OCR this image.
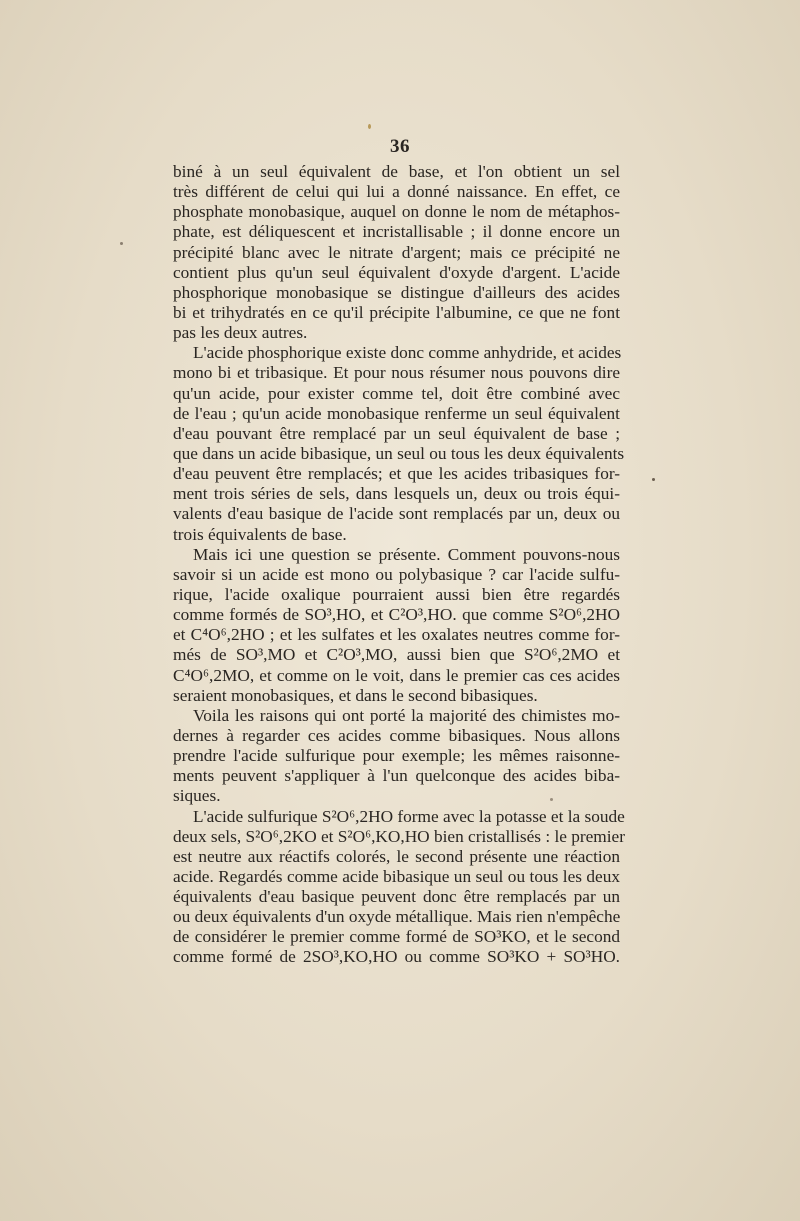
36
biné à un seul équivalent de base, et l'on obtient un sel
très différent de celui qui lui a donné naissance. En effet, ce
phosphate monobasique, auquel on donne le nom de métaphos-
phate, est déliquescent et incristallisable ; il donne encore un
précipité blanc avec le nitrate d'argent; mais ce précipité ne
contient plus qu'un seul équivalent d'oxyde d'argent. L'acide
phosphorique monobasique se distingue d'ailleurs des acides
bi et trihydratés en ce qu'il précipite l'albumine, ce que ne font
pas les deux autres.
L'acide phosphorique existe donc comme anhydride, et acides
mono bi et tribasique. Et pour nous résumer nous pouvons dire
qu'un acide, pour exister comme tel, doit être combiné avec
de l'eau ; qu'un acide monobasique renferme un seul équivalent
d'eau pouvant être remplacé par un seul équivalent de base ;
que dans un acide bibasique, un seul ou tous les deux équivalents
d'eau peuvent être remplacés; et que les acides tribasiques for-
ment trois séries de sels, dans lesquels un, deux ou trois équi-
valents d'eau basique de l'acide sont remplacés par un, deux ou
trois équivalents de base.
Mais ici une question se présente. Comment pouvons-nous
savoir si un acide est mono ou polybasique ? car l'acide sulfu-
rique, l'acide oxalique pourraient aussi bien être regardés
comme formés de SO³,HO, et C²O³,HO. que comme S²O⁶,2HO
et C⁴O⁶,2HO ; et les sulfates et les oxalates neutres comme for-
més de SO³,MO et C²O³,MO, aussi bien que S²O⁶,2MO et
C⁴O⁶,2MO, et comme on le voit, dans le premier cas ces acides
seraient monobasiques, et dans le second bibasiques.
Voila les raisons qui ont porté la majorité des chimistes mo-
dernes à regarder ces acides comme bibasiques. Nous allons
prendre l'acide sulfurique pour exemple; les mêmes raisonne-
ments peuvent s'appliquer à l'un quelconque des acides biba-
siques.
L'acide sulfurique S²O⁶,2HO forme avec la potasse et la soude
deux sels, S²O⁶,2KO et S²O⁶,KO,HO bien cristallisés : le premier
est neutre aux réactifs colorés, le second présente une réaction
acide. Regardés comme acide bibasique un seul ou tous les deux
équivalents d'eau basique peuvent donc être remplacés par un
ou deux équivalents d'un oxyde métallique. Mais rien n'empêche
de considérer le premier comme formé de SO³KO, et le second
comme formé de 2SO³,KO,HO ou comme SO³KO + SO³HO.
